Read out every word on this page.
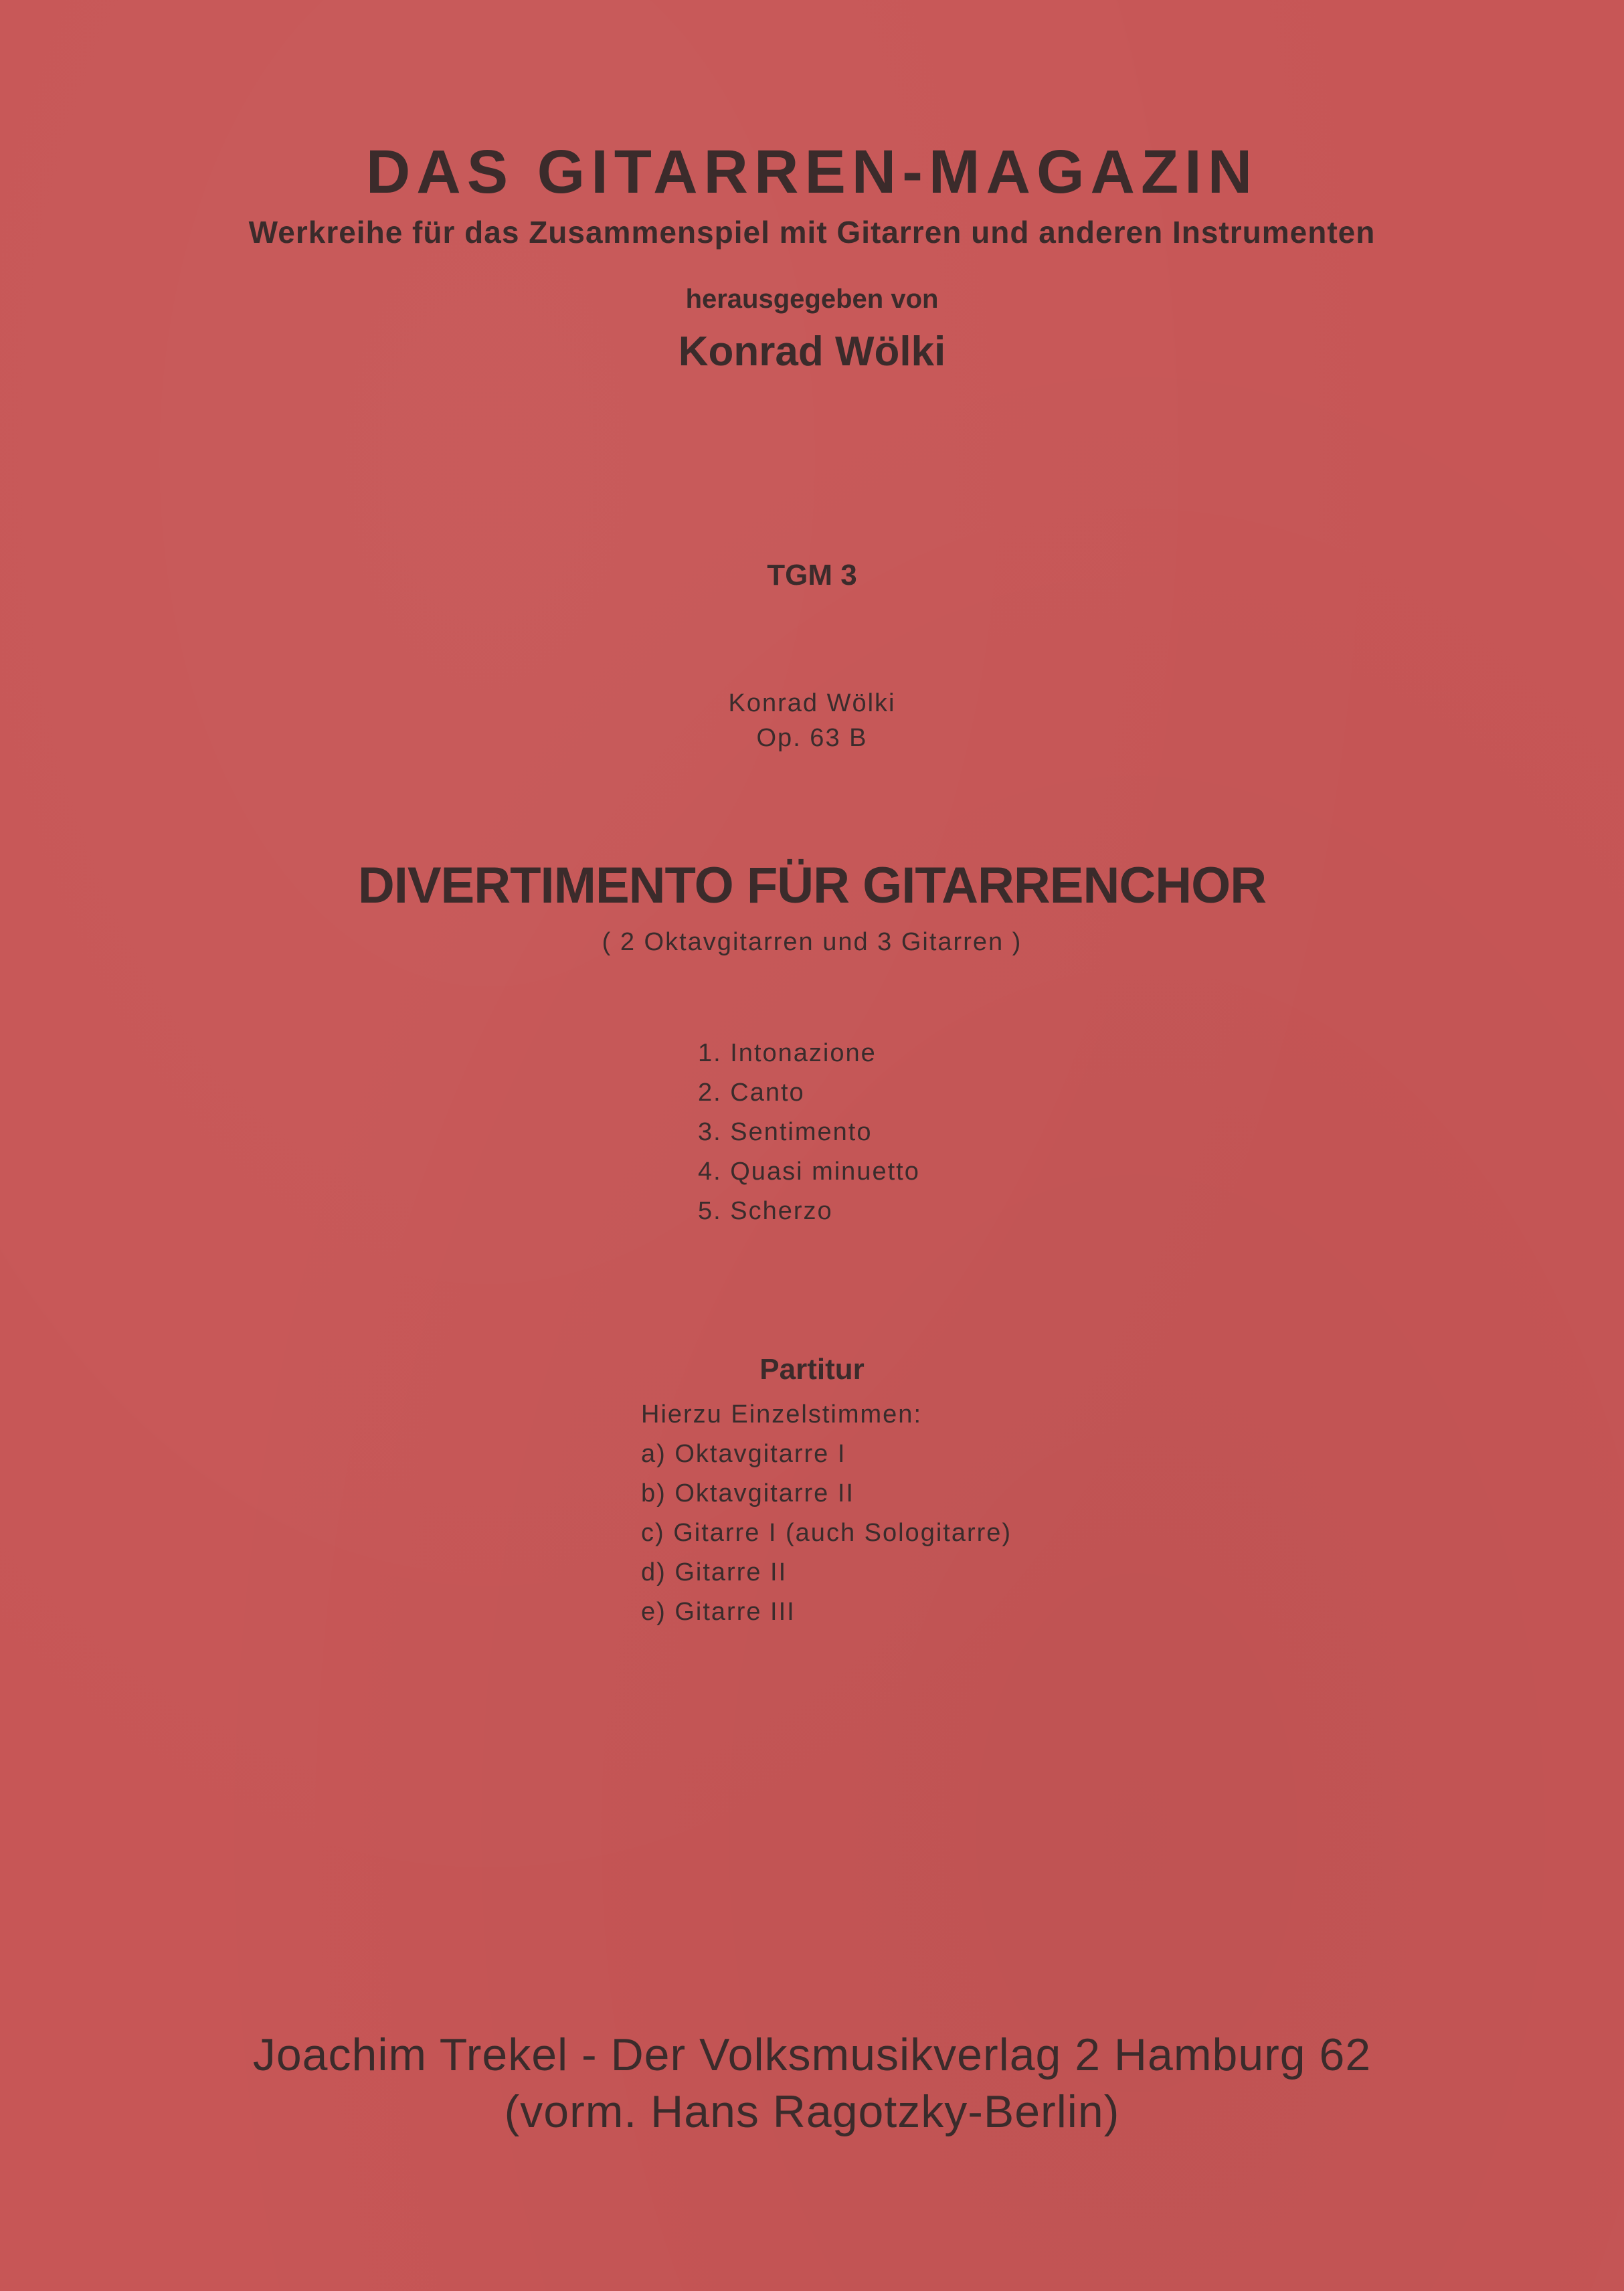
DAS GITARREN-MAGAZIN
Werkreihe für das Zusammenspiel mit Gitarren und anderen Instrumenten
herausgegeben von
Konrad Wölki
TGM 3
Konrad Wölki
Op. 63 B
DIVERTIMENTO FÜR GITARRENCHOR
( 2 Oktavgitarren und 3 Gitarren )
1. Intonazione
2. Canto
3. Sentimento
4. Quasi minuetto
5. Scherzo
Partitur
Hierzu Einzelstimmen:
a) Oktavgitarre I
b) Oktavgitarre II
c) Gitarre I (auch Sologitarre)
d) Gitarre II
e) Gitarre III
Joachim Trekel - Der Volksmusikverlag 2 Hamburg 62
(vorm. Hans Ragotzky-Berlin)
